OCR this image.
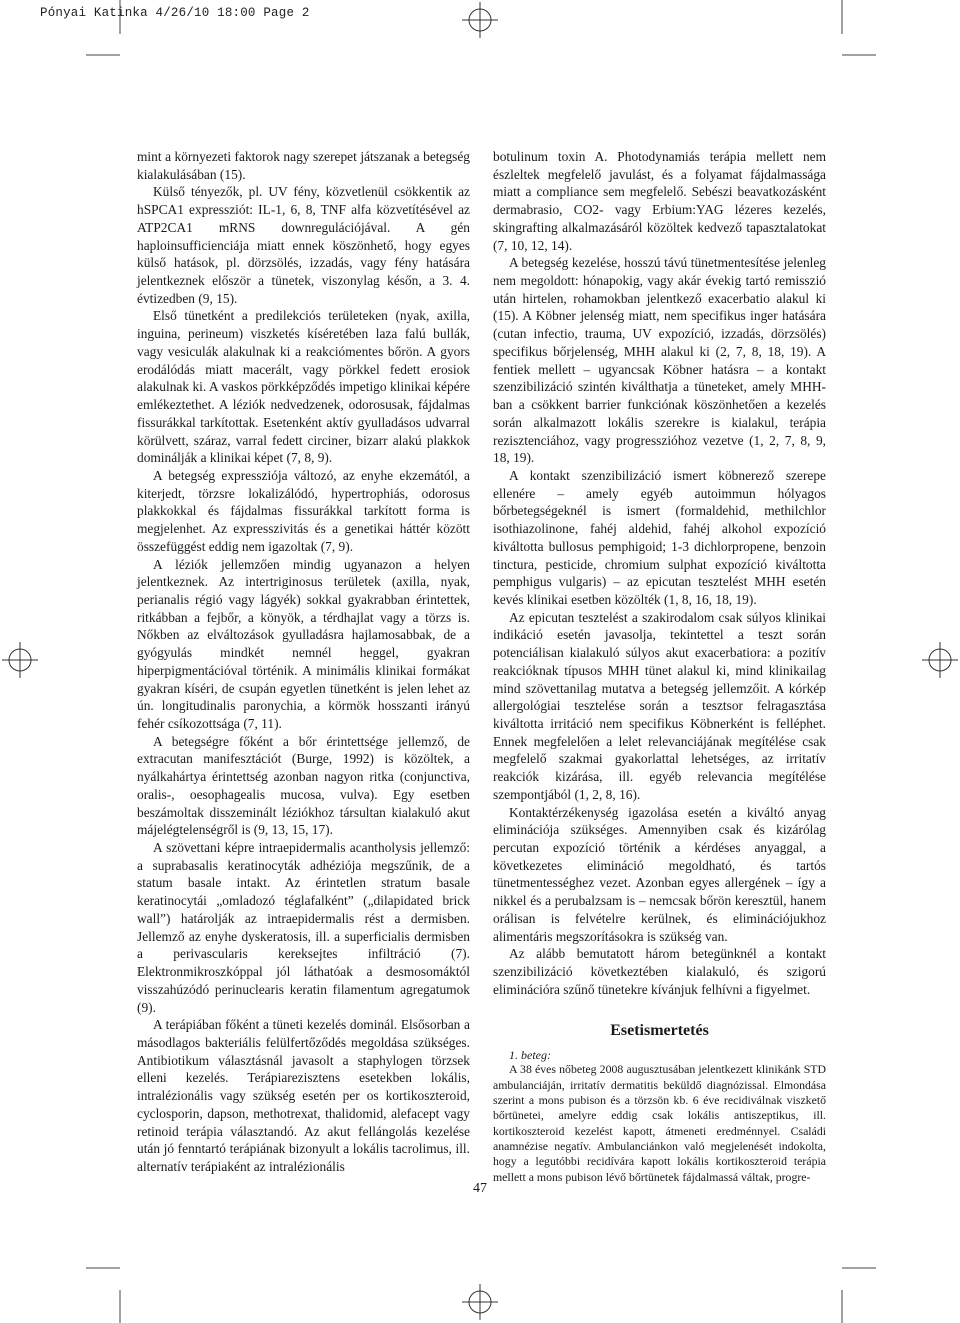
Pónyai Katinka 4/26/10 18:00 Page 2

mint a környezeti faktorok nagy szerepet játszanak a betegség kialakulásában (15).

Külső tényezők, pl. UV fény, közvetlenül csökkentik az hSPCA1 expressziót: IL-1, 6, 8, TNF alfa közvetítésével az ATP2CA1 mRNS downregulációjával. A gén haploinsufficienciája miatt ennek köszönhető, hogy egyes külső hatások, pl. dörzsölés, izzadás, vagy fény hatására jelentkeznek először a tünetek, viszonylag későn, a 3. 4. évtizedben (9, 15).

Első tünetként a predilekciós területeken (nyak, axilla, inguina, perineum) viszketés kíséretében laza falú bullák, vagy vesiculák alakulnak ki a reakciómentes bőrön. A gyors erodálódás miatt macerált, vagy pörkkel fedett erosiok alakulnak ki. A vaskos pörkképződés impetigo klinikai képére emlékeztethet. A léziók nedvedzenek, odorosusak, fájdalmas fissurákkal tarkítottak. Esetenként aktív gyulladásos udvarral körülvett, száraz, varral fedett circiner, bizarr alakú plakkok dominálják a klinikai képet (7, 8, 9).

A betegség expressziója változó, az enyhe ekzemától, a kiterjedt, törzsre lokalizálódó, hypertrophiás, odorosus plakkokkal és fájdalmas fissurákkal tarkított forma is megjelenhet. Az expresszivitás és a genetikai háttér között összefüggést eddig nem igazoltak (7, 9).

A léziók jellemzően mindig ugyanazon a helyen jelentkeznek. Az intertriginosus területek (axilla, nyak, perianalis régió vagy lágyék) sokkal gyakrabban érintettek, ritkábban a fejbőr, a könyök, a térdhajlat vagy a törzs is. Nőkben az elváltozások gyulladásra hajlamosabbak, de a gyógyulás mindkét nemnél heggel, gyakran hiperpigmentációval történik. A minimális klinikai formákat gyakran kíséri, de csupán egyetlen tünetként is jelen lehet az ún. longitudinalis paronychia, a körmök hosszanti irányú fehér csíkozottsága (7, 11).

A betegségre főként a bőr érintettsége jellemző, de extracutan manifesztációt (Burge, 1992) is közöltek, a nyálkahártya érintettség azonban nagyon ritka (conjunctiva, oralis-, oesophagealis mucosa, vulva). Egy esetben beszámoltak disszeminált léziókhoz társultan kialakuló akut májelégtelenségről is (9, 13, 15, 17).

A szövettani képre intraepidermalis acantholysis jellemző: a suprabasalis keratinocyták adhéziója megszűnik, de a statum basale intakt. Az érintetlen stratum basale keratinocytái „omladozó téglafalként” („dilapidated brick wall”) határolják az intraepidermalis rést a dermisben. Jellemző az enyhe dyskeratosis, ill. a superficialis dermisben a perivascularis kereksejtes infiltráció (7). Elektronmikroszkóppal jól láthatóak a desmosomáktól visszahúzódó perinuclearis keratin filamentum agregatumok (9).

A terápiában főként a tüneti kezelés dominál. Elsősorban a másodlagos bakteriális felülfertőződés megoldása szükséges. Antibiotikum választásnál javasolt a staphylogen törzsek elleni kezelés. Terápiarezisztens esetekben lokális, intralézionális vagy szükség esetén per os kortikoszteroid, cyclosporin, dapson, methotrexat, thalidomid, alefacept vagy retinoid terápia választandó. Az akut fellángolás kezelése után jó fenntartó terápiának bizonyult a lokális tacrolimus, ill. alternatív terápiaként az intralézionális

botulinum toxin A. Photodynamiás terápia mellett nem észleltek megfelelő javulást, és a folyamat fájdalmassága miatt a compliance sem megfelelő. Sebészi beavatkozásként dermabrasio, CO2- vagy Erbium:YAG lézeres kezelés, skingrafting alkalmazásáról közöltek kedvező tapasztalatokat (7, 10, 12, 14).

A betegség kezelése, hosszú távú tünetmentesítése jelenleg nem megoldott: hónapokig, vagy akár évekig tartó remisszió után hirtelen, rohamokban jelentkező exacerbatio alakul ki (15). A Köbner jelenség miatt, nem specifikus inger hatására (cutan infectio, trauma, UV expozíció, izzadás, dörzsölés) specifikus bőrjelenség, MHH alakul ki (2, 7, 8, 18, 19). A fentiek mellett – ugyancsak Köbner hatásra – a kontakt szenzibilizáció szintén kiválthatja a tüneteket, amely MHH-ban a csökkent barrier funkciónak köszönhetően a kezelés során alkalmazott lokális szerekre is kialakul, terápia rezisztenciához, vagy progresszióhoz vezetve (1, 2, 7, 8, 9, 18, 19).

A kontakt szenzibilizáció ismert köbnerező szerepe ellenére – amely egyéb autoimmun hólyagos bőrbetegségeknél is ismert (formaldehid, methilchlor isothiazolinone, fahéj aldehid, fahéj alkohol expozíció kiváltotta bullosus pemphigoid; 1-3 dichlorpropene, benzoin tinctura, pesticide, chromium sulphat expozíció kiváltotta pemphigus vulgaris) – az epicutan tesztelést MHH esetén kevés klinikai esetben közölték (1, 8, 16, 18, 19).

Az epicutan tesztelést a szakirodalom csak súlyos klinikai indikáció esetén javasolja, tekintettel a teszt során potenciálisan kialakuló súlyos akut exacerbatiora: a pozitív reakcióknak típusos MHH tünet alakul ki, mind klinikailag mind szövettanilag mutatva a betegség jellemzőit. A kórkép allergológiai tesztelése során a tesztsor felragasztása kiváltotta irritáció nem specifikus Köbnerként is felléphet. Ennek megfelelően a lelet relevanciájának megítélése csak megfelelő szakmai gyakorlattal lehetséges, az irritatív reakciók kizárása, ill. egyéb relevancia megítélése szempontjából (1, 2, 8, 16).

Kontaktérzékenység igazolása esetén a kiváltó anyag eliminációja szükséges. Amennyiben csak és kizárólag percutan expozíció történik a kérdéses anyaggal, a következetes elimináció megoldható, és tartós tünetmentességhez vezet. Azonban egyes allergének – így a nikkel és a perubalzsam is – nemcsak bőrön keresztül, hanem orálisan is felvételre kerülnek, és eliminációjukhoz alimentáris megszorításokra is szükség van.

Az alább bemutatott három betegünknél a kontakt szenzibilizáció következtében kialakuló, és szigorú eliminációra szűnő tünetekre kívánjuk felhívni a figyelmet.

Esetismertetés

1. beteg:

A 38 éves nőbeteg 2008 augusztusában jelentkezett klinikánk STD ambulanciáján, irritatív dermatitis beküldő diagnózissal. Elmondása szerint a mons pubison és a törzsön kb. 6 éve recidiválnak viszkető bőrtünetei, amelyre eddig csak lokális antiszeptikus, ill. kortikoszteroid kezelést kapott, átmeneti eredménnyel. Családi anamnézise negatív. Ambulanciánkon való megjelenését indokolta, hogy a legutóbbi recidívára kapott lokális kortikoszteroid terápia mellett a mons pubison lévő bőrtünetek fájdalmassá váltak, progre-

47
